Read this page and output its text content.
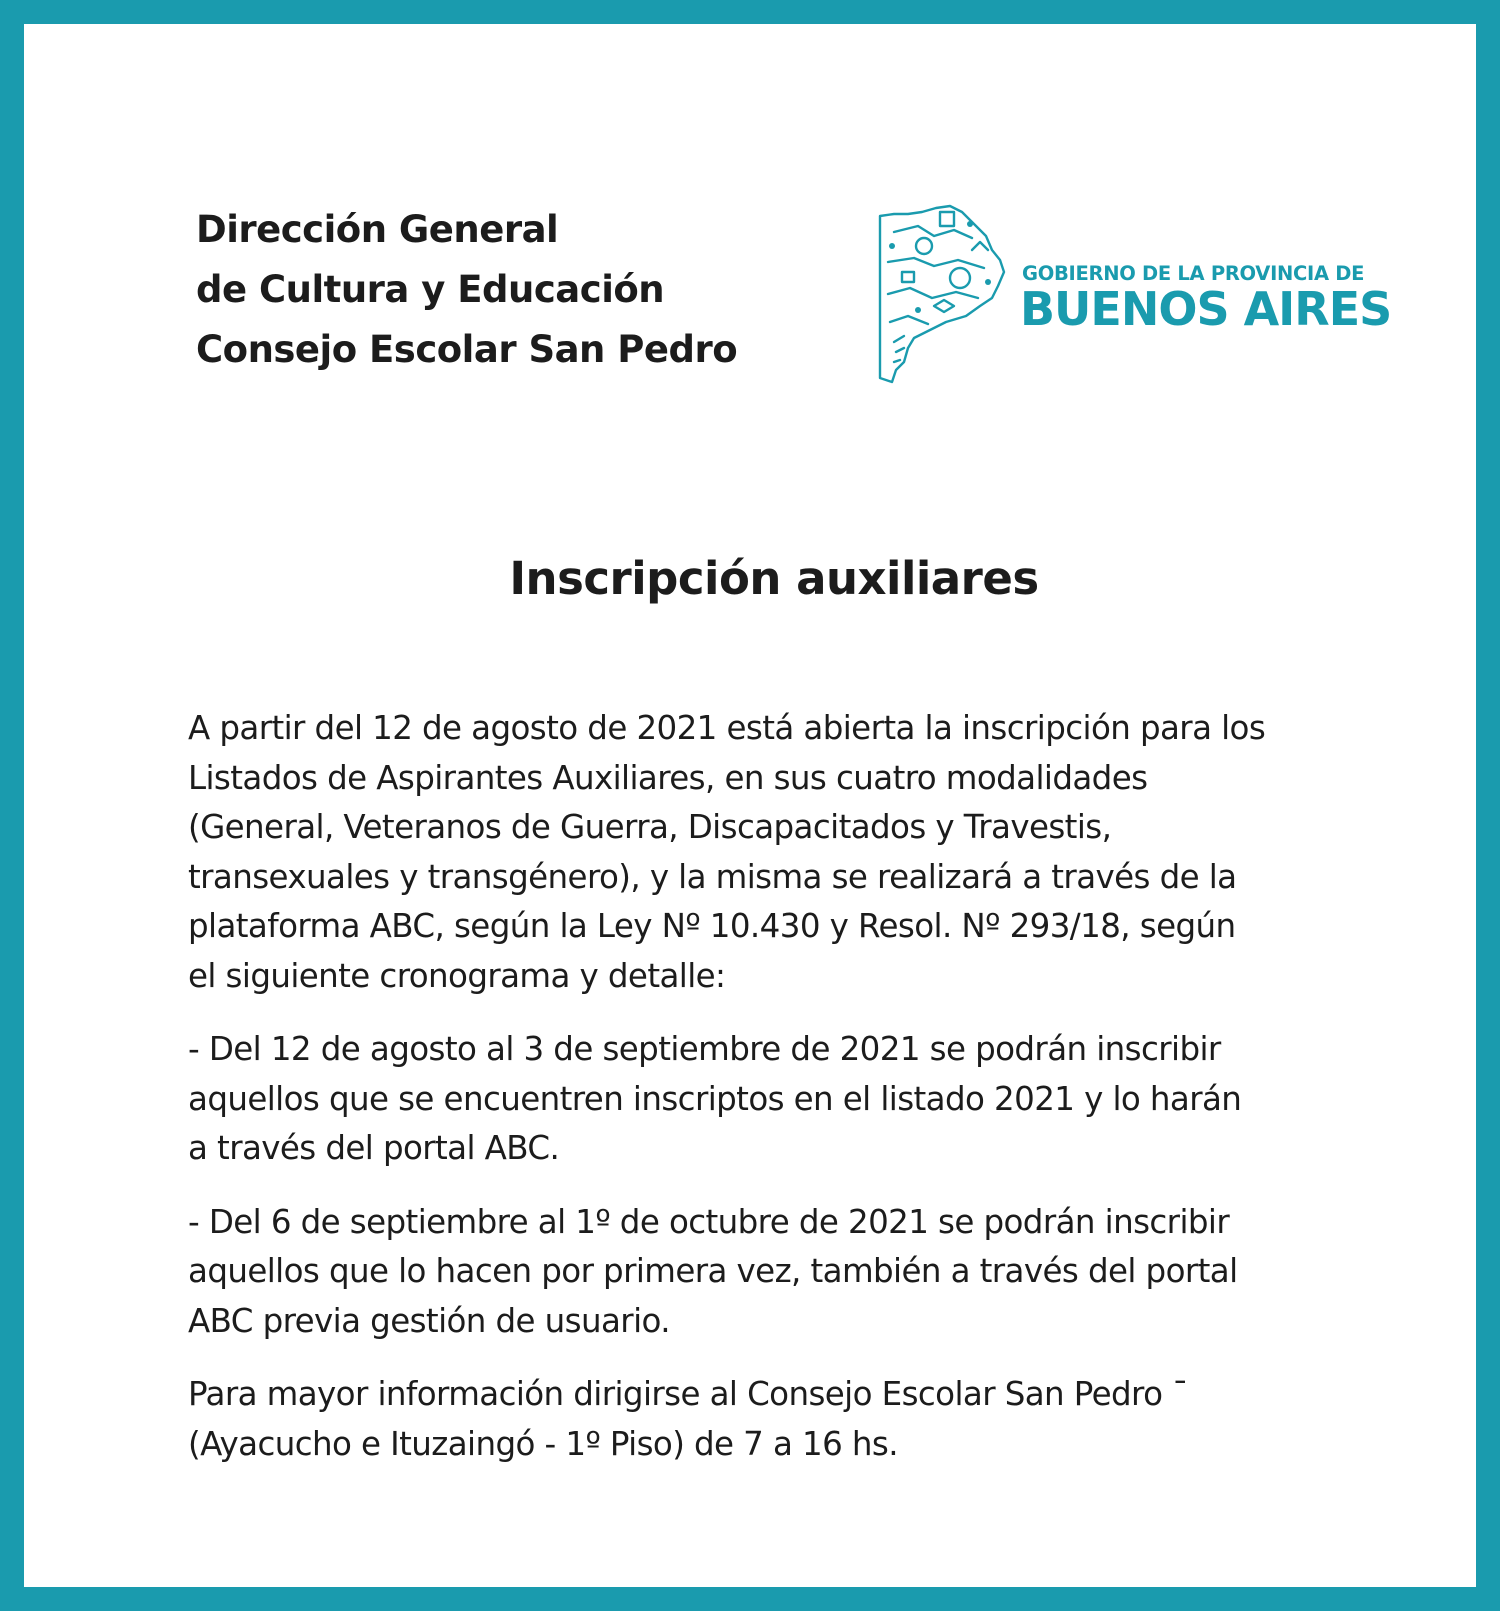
Dirección General
de Cultura y Educación
Consejo Escolar San Pedro
GOBIERNO DE LA PROVINCIA DE
BUENOS AIRES
Inscripción auxiliares

A partir del 12 de agosto de 2021 está abierta la inscripción para los
Listados de Aspirantes Auxiliares, en sus cuatro modalidades
(General, Veteranos de Guerra, Discapacitados y Travestis,
transexuales y transgénero), y la misma se realizará a través de la
plataforma ABC, según la Ley Nº 10.430 y Resol. Nº 293/18, según
el siguiente cronograma y detalle:

- Del 12 de agosto al 3 de septiembre de 2021 se podrán inscribir
aquellos que se encuentren inscriptos en el listado 2021 y lo harán
a través del portal ABC.

- Del 6 de septiembre al 1º de octubre de 2021 se podrán inscribir
aquellos que lo hacen por primera vez, también a través del portal
ABC previa gestión de usuario.

Para mayor información dirigirse al Consejo Escolar San Pedro ¯
(Ayacucho e Ituzaingó - 1º Piso) de 7 a 16 hs.
